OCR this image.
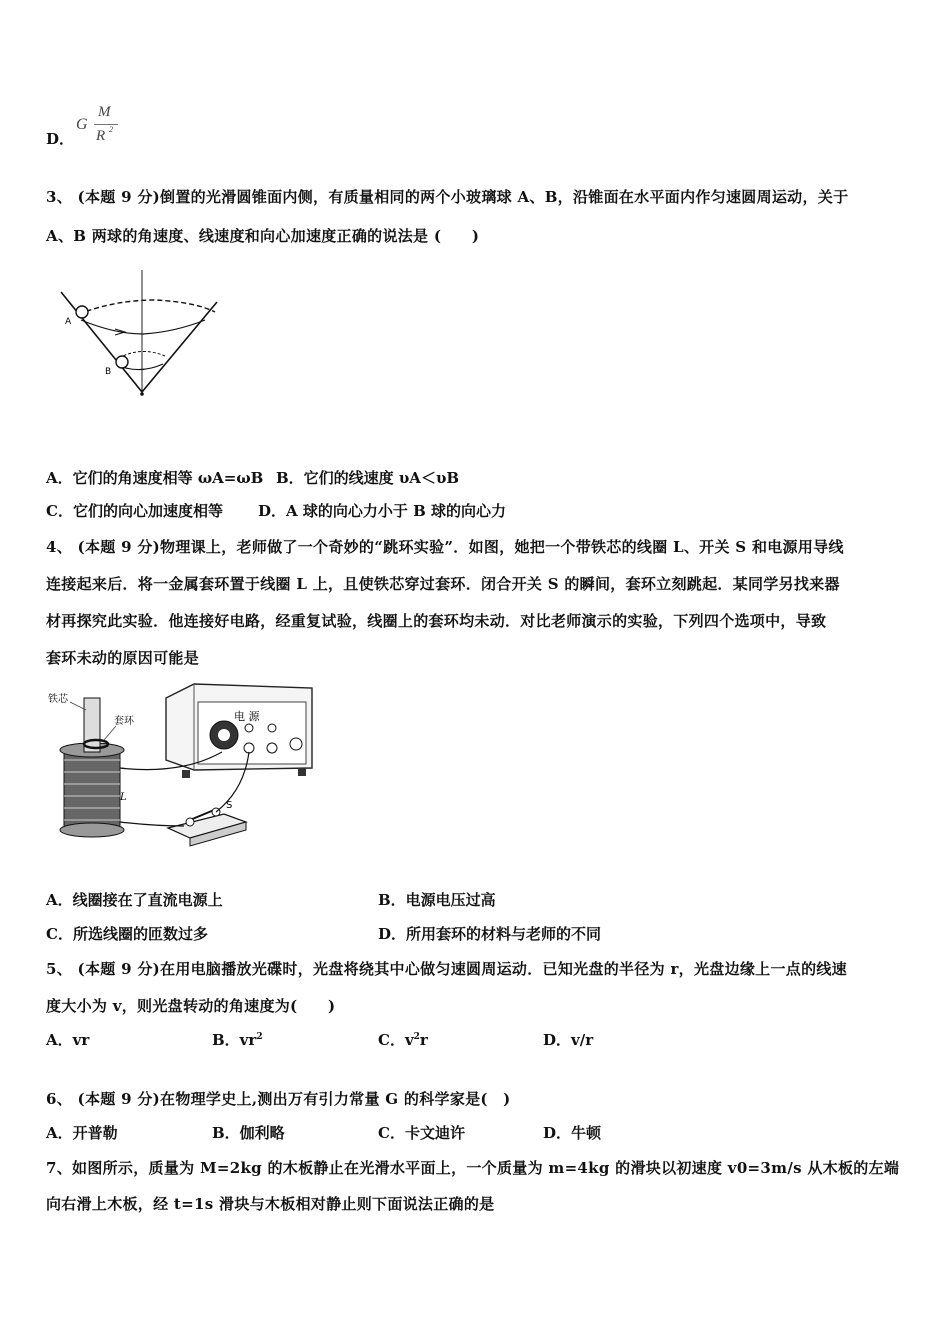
D．
G
M
R 2
3、 (本题 9 分)倒置的光滑圆锥面内侧，有质量相同的两个小玻璃球 A、B，沿锥面在水平面内作匀速圆周运动，关于
A、B 两球的角速度、线速度和向心加速度正确的说法是 (　　)
A
B
A．它们的角速度相等 ωA=ωB B．它们的线速度 υA＜υB
C．它们的向心加速度相等 D．A 球的向心力小于 B 球的向心力
4、 (本题 9 分)物理课上，老师做了一个奇妙的“跳环实验”．如图，她把一个带铁芯的线圈 L、开关 S 和电源用导线
连接起来后．将一金属套环置于线圈 L 上，且使铁芯穿过套环．闭合开关 S 的瞬间，套环立刻跳起．某同学另找来器
材再探究此实验．他连接好电路，经重复试验，线圈上的套环均未动．对比老师演示的实验，下列四个选项中，导致
套环未动的原因可能是
电 源
铁芯
套环
L
S
A．线圈接在了直流电源上	B．电源电压过高
C．所选线圈的匝数过多	D．所用套环的材料与老师的不同
5、 (本题 9 分)在用电脑播放光碟时，光盘将绕其中心做匀速圆周运动．已知光盘的半径为 r，光盘边缘上一点的线速
度大小为 v，则光盘转动的角速度为(　　)
A．vr	B．$vr^2$	C．$v^2r$	D．v/r
6、 (本题 9 分)在物理学史上,测出万有引力常量 G 的科学家是(　)
A．开普勒	B．伽利略	C．卡文迪许	D．牛顿
7、如图所示，质量为 M=2kg 的木板静止在光滑水平面上，一个质量为 m=4kg 的滑块以初速度 v0=3m/s 从木板的左端
向右滑上木板，经 t=1s 滑块与木板相对静止则下面说法正确的是
